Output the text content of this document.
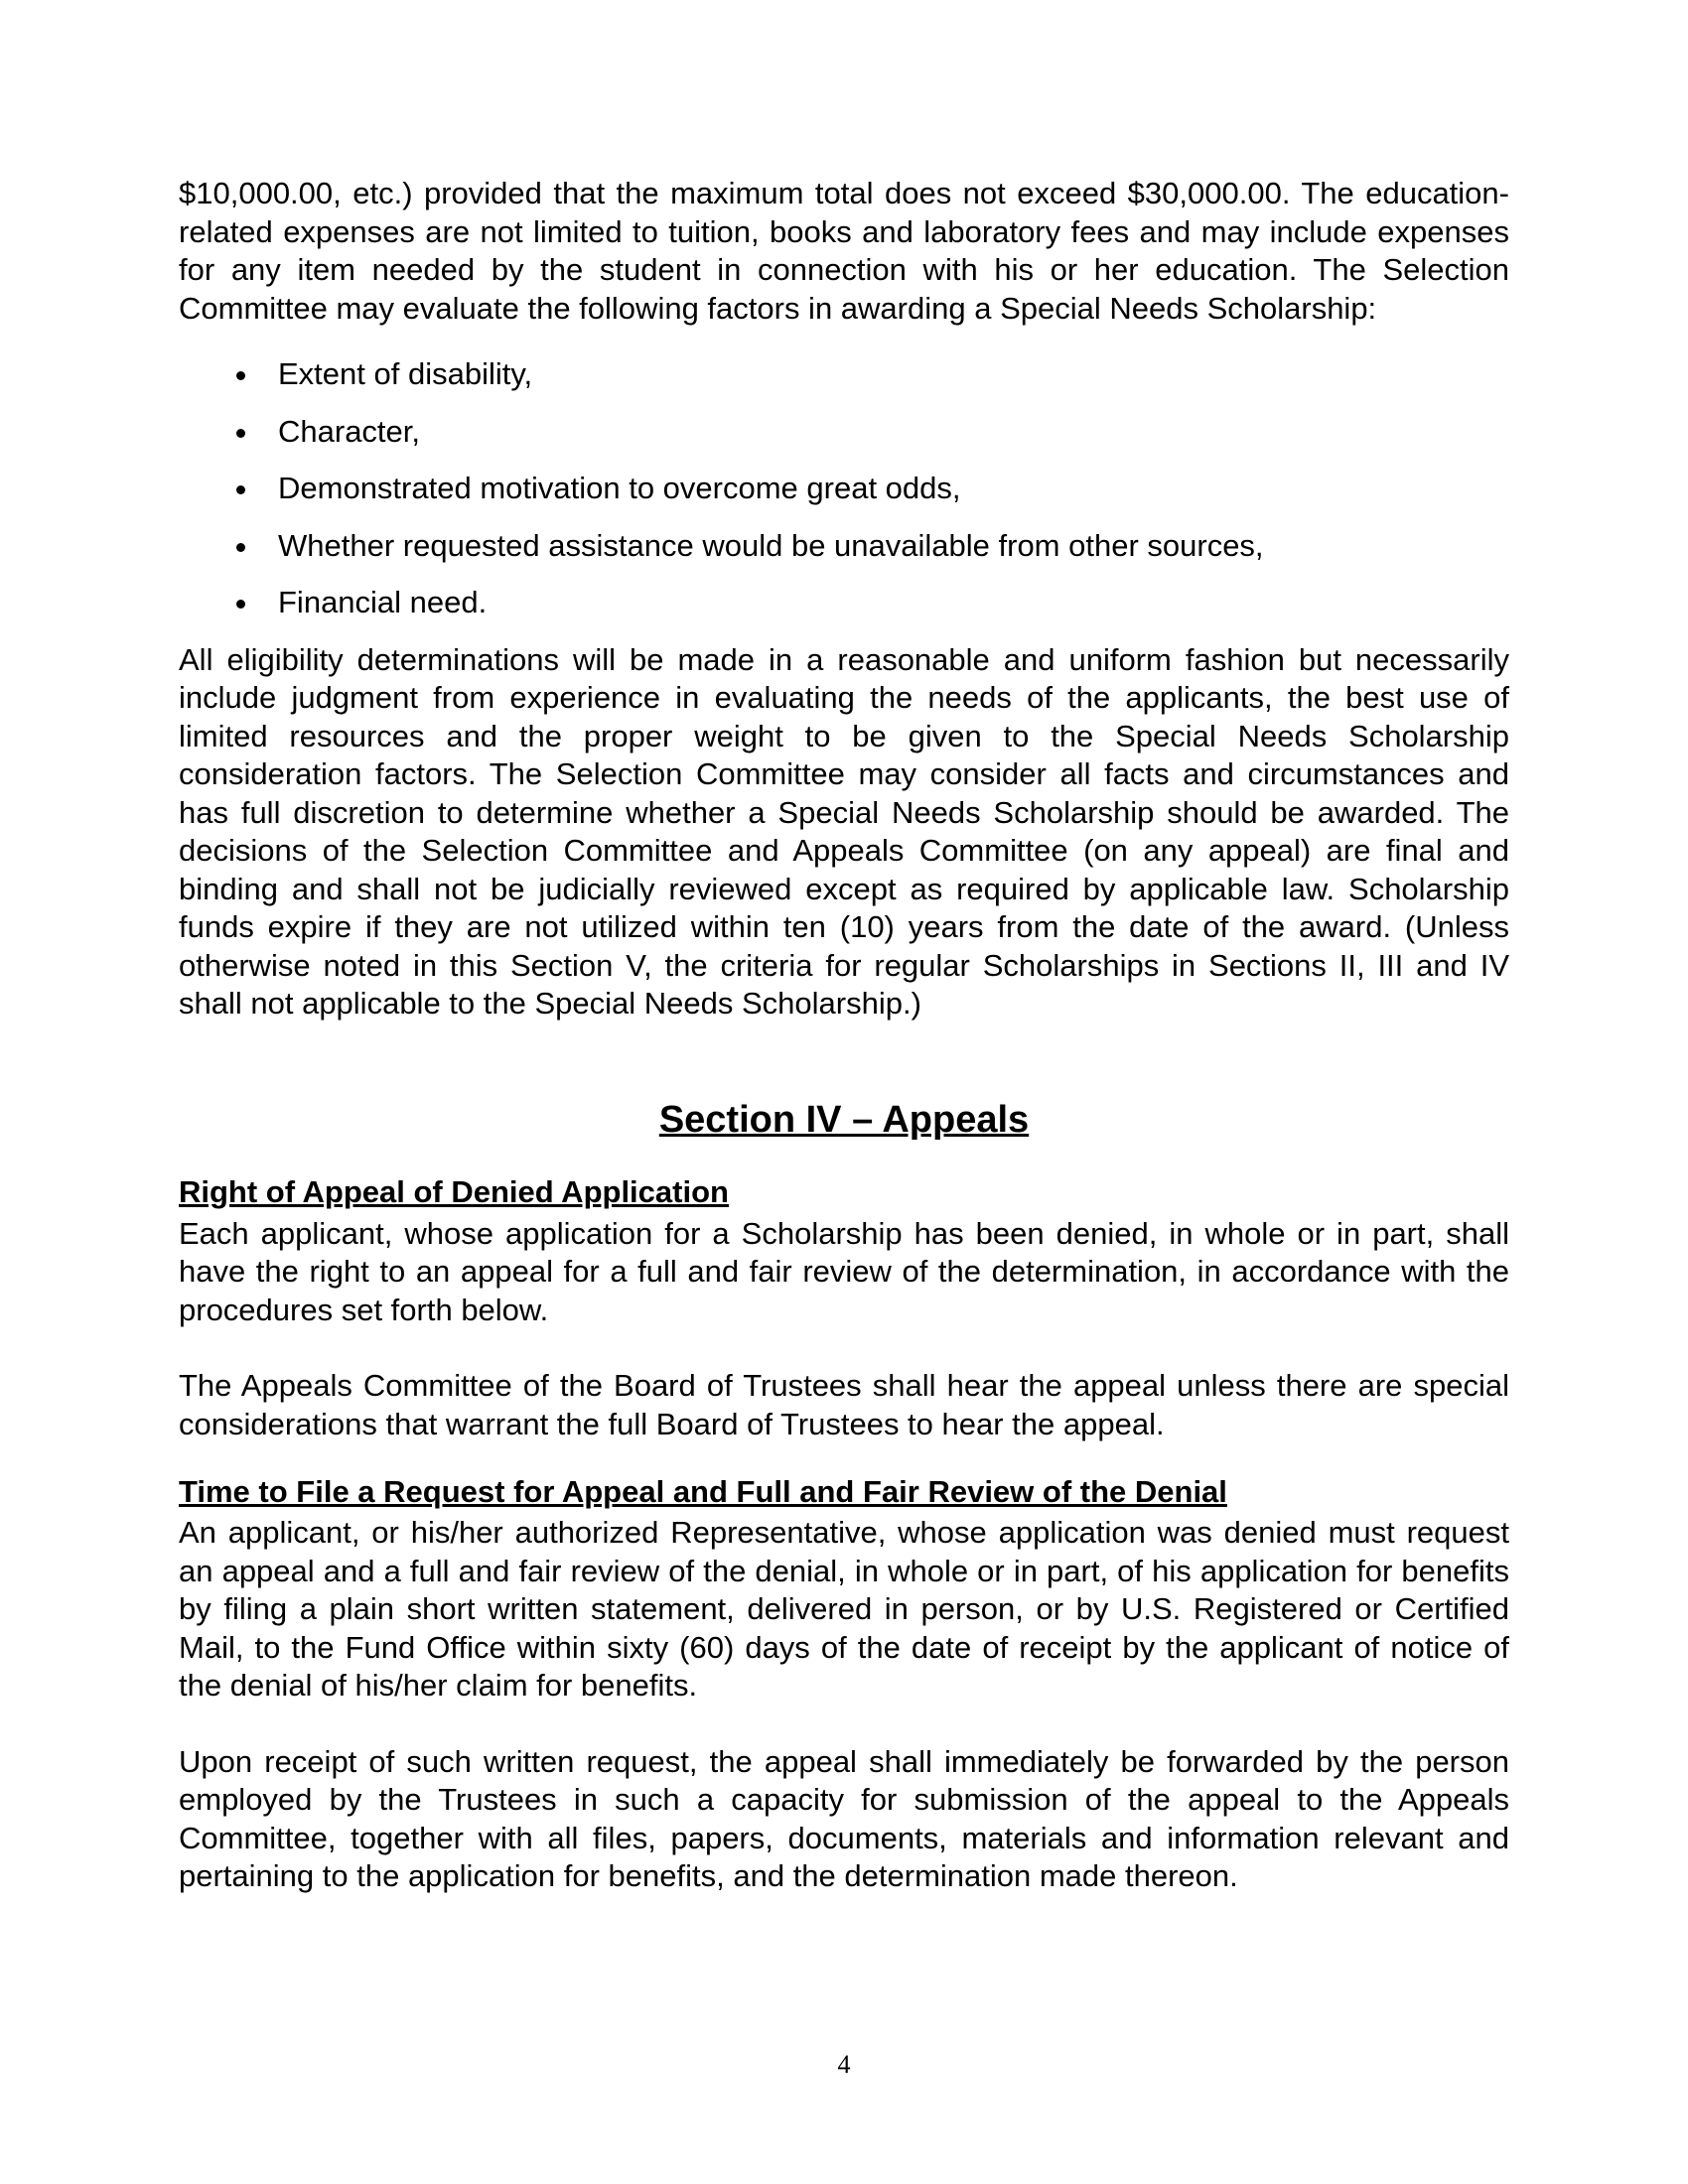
$10,000.00, etc.) provided that the maximum total does not exceed $30,000.00. The education-related expenses are not limited to tuition, books and laboratory fees and may include expenses for any item needed by the student in connection with his or her education. The Selection Committee may evaluate the following factors in awarding a Special Needs Scholarship:

Extent of disability,
Character,
Demonstrated motivation to overcome great odds,
Whether requested assistance would be unavailable from other sources,
Financial need.

All eligibility determinations will be made in a reasonable and uniform fashion but necessarily include judgment from experience in evaluating the needs of the applicants, the best use of limited resources and the proper weight to be given to the Special Needs Scholarship consideration factors. The Selection Committee may consider all facts and circumstances and has full discretion to determine whether a Special Needs Scholarship should be awarded. The decisions of the Selection Committee and Appeals Committee (on any appeal) are final and binding and shall not be judicially reviewed except as required by applicable law. Scholarship funds expire if they are not utilized within ten (10) years from the date of the award. (Unless otherwise noted in this Section V, the criteria for regular Scholarships in Sections II, III and IV shall not applicable to the Special Needs Scholarship.)

Section IV – Appeals
Right of Appeal of Denied Application

Each applicant, whose application for a Scholarship has been denied, in whole or in part, shall have the right to an appeal for a full and fair review of the determination, in accordance with the procedures set forth below.

The Appeals Committee of the Board of Trustees shall hear the appeal unless there are special considerations that warrant the full Board of Trustees to hear the appeal.

Time to File a Request for Appeal and Full and Fair Review of the Denial

An applicant, or his/her authorized Representative, whose application was denied must request an appeal and a full and fair review of the denial, in whole or in part, of his application for benefits by filing a plain short written statement, delivered in person, or by U.S. Registered or Certified Mail, to the Fund Office within sixty (60) days of the date of receipt by the applicant of notice of the denial of his/her claim for benefits.

Upon receipt of such written request, the appeal shall immediately be forwarded by the person employed by the Trustees in such a capacity for submission of the appeal to the Appeals Committee, together with all files, papers, documents, materials and information relevant and pertaining to the application for benefits, and the determination made thereon.

4
